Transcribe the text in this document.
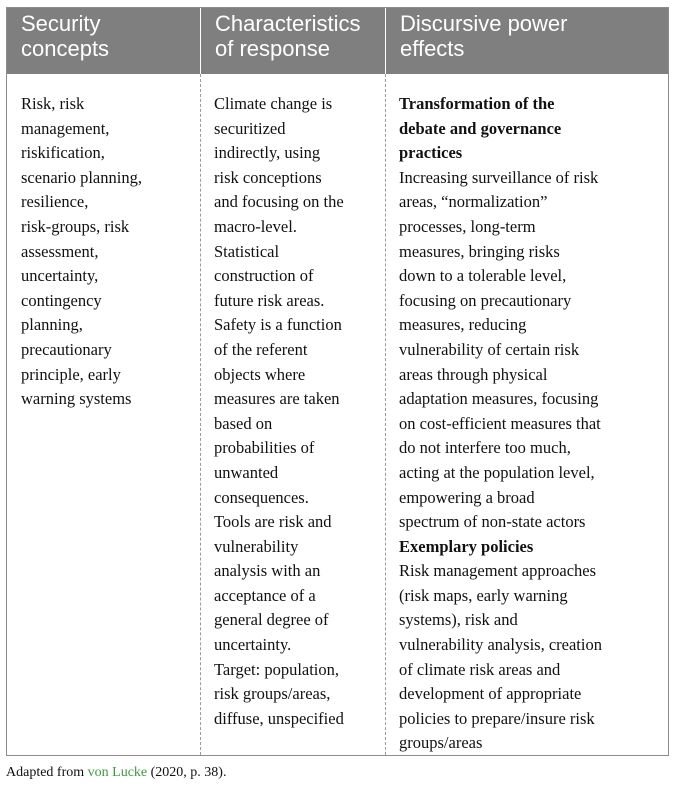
Security
concepts
Characteristics
of response
Discursive power
effects
Risk, risk
management,
riskification,
scenario planning,
resilience,
risk-groups, risk
assessment,
uncertainty,
contingency
planning,
precautionary
principle, early
warning systems
Climate change is
securitized
indirectly, using
risk conceptions
and focusing on the
macro-level.
Statistical
construction of
future risk areas.
Safety is a function
of the referent
objects where
measures are taken
based on
probabilities of
unwanted
consequences.
Tools are risk and
vulnerability
analysis with an
acceptance of a
general degree of
uncertainty.
Target: population,
risk groups/areas,
diffuse, unspecified
Transformation of the
debate and governance
practices
Increasing surveillance of risk
areas, “normalization”
processes, long-term
measures, bringing risks
down to a tolerable level,
focusing on precautionary
measures, reducing
vulnerability of certain risk
areas through physical
adaptation measures, focusing
on cost-efficient measures that
do not interfere too much,
acting at the population level,
empowering a broad
spectrum of non-state actors
Exemplary policies
Risk management approaches
(risk maps, early warning
systems), risk and
vulnerability analysis, creation
of climate risk areas and
development of appropriate
policies to prepare/insure risk
groups/areas
Adapted from von Lucke (2020, p. 38).
